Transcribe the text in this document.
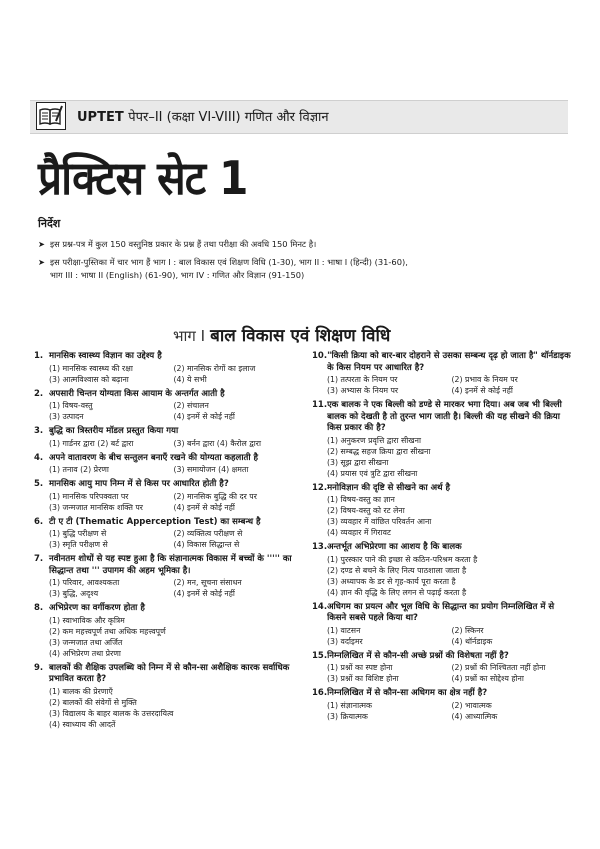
UPTET पेपर–II (कक्षा VI-VIII) गणित और विज्ञान
प्रैक्टिस सेट 1
निर्देश
➤ इस प्रश्न-पत्र में कुल 150 वस्तुनिष्ठ प्रकार के प्रश्न हैं तथा परीक्षा की अवधि 150 मिनट है।
➤ इस परीक्षा-पुस्तिका में चार भाग हैं भाग I : बाल विकास एवं शिक्षण विधि (1-30), भाग II : भाषा I (हिन्दी) (31-60),
भाग III : भाषा II (English) (61-90), भाग IV : गणित और विज्ञान (91-150)
भाग I बाल विकास एवं शिक्षण विधि
1. मानसिक स्वास्थ्य विज्ञान का उद्देश्य है
(1) मानसिक स्वास्थ्य की रक्षा	(2) मानसिक रोगों का इलाज
(3) आत्मविश्वास को बढ़ाना	(4) ये सभी
2. अपसारी चिन्तन योग्यता किस आयाम के अन्तर्गत आती है
(1) विषय-वस्तु	(2) संचालन
(3) उत्पादन	(4) इनमें से कोई नहीं
3. बुद्धि का त्रिस्तरीय मॉडल प्रस्तुत किया गया
(1) गार्डनर द्वारा (2) बर्ट द्वारा	(3) बर्नन द्वारा (4) कैरोल द्वारा
4. अपने वातावरण के बीच सन्तुलन बनाएँ रखने की योग्यता कहलाती है
(1) तनाव (2) प्रेरणा	(3) समायोजन (4) क्षमता
5. मानसिक आयु माप निम्न में से किस पर आधारित होती है?
(1) मानसिक परिपक्वता पर	(2) मानसिक बुद्धि की दर पर
(3) जन्मजात मानसिक शक्ति पर	(4) इनमें से कोई नहीं
6. टी ए टी (Thematic Apperception Test) का सम्बन्ध है
(1) बुद्धि परीक्षण से	(2) व्यक्तित्व परीक्षण से
(3) स्मृति परीक्षण से	(4) विकास सिद्धान्त से
7. नवीनतम शोधों से यह स्पष्ट हुआ है कि संज्ञानात्मक विकास में बच्चों के ''''' का सिद्धान्त तथा ''' उपागम की अहम भूमिका है।
(1) परिवार, आवश्यकता	(2) मन, सूचना संसाधन
(3) बुद्धि, अदृश्य	(4) इनमें से कोई नहीं
8. अभिप्रेरण का वर्गीकरण होता है
(1) स्वाभाविक और कृत्रिम
(2) कम महत्त्वपूर्ण तथा अधिक महत्त्वपूर्ण
(3) जन्मजात तथा अर्जित
(4) अभिप्रेरण तथा प्रेरणा
9. बालकों की शैक्षिक उपलब्धि को निम्न में से कौन-सा अशैक्षिक कारक सर्वाधिक प्रभावित करता है?
(1) बालक की प्रेरणाएँ
(2) बालकों की संवेगों से मुक्ति
(3) विद्यालय के बाहर बालक के उत्तरदायित्व
(4) स्वाध्याय की आदतें
10. "किसी क्रिया को बार-बार दोहराने से उसका सम्बन्ध दृढ़ हो जाता है" थॉर्नडाइक के किस नियम पर आधारित है?
(1) तत्परता के नियम पर	(2) प्रभाव के नियम पर
(3) अभ्यास के नियम पर	(4) इनमें से कोई नहीं
11. एक बालक ने एक बिल्ली को डण्डे से मारकर भगा दिया। अब जब भी बिल्ली बालक को देखती है तो तुरन्त भाग जाती है। बिल्ली की यह सीखने की क्रिया किस प्रकार की है?
(1) अनुकरण प्रवृत्ति द्वारा सीखना
(2) सम्बद्ध सहज क्रिया द्वारा सीखना
(3) सूझ द्वारा सीखना
(4) प्रयास एवं त्रुटि द्वारा सीखना
12. मनोविज्ञान की दृष्टि से सीखने का अर्थ है
(1) विषय-वस्तु का ज्ञान
(2) विषय-वस्तु को रट लेना
(3) व्यवहार में वांछित परिवर्तन आना
(4) व्यवहार में गिरावट
13. अन्तर्भूत अभिप्रेरणा का आशय है कि बालक
(1) पुरस्कार पाने की इच्छा से कठिन-परिश्रम करता है
(2) दण्ड से बचने के लिए नित्य पाठशाला जाता है
(3) अध्यापक के डर से गृह-कार्य पूरा करता है
(4) ज्ञान की वृद्धि के लिए लगन से पढ़ाई करता है
14. अधिगम का प्रयत्न और भूल विधि के सिद्धान्त का प्रयोग निम्नलिखित में से किसने सबसे पहले किया था?
(1) वाटसन	(2) स्किनर
(3) वर्दाइमर	(4) थॉर्नडाइक
15. निम्नलिखित में से कौन-सी अच्छे प्रश्नों की विशेषता नहीं है?
(1) प्रश्नों का स्पष्ट होना	(2) प्रश्नों की निश्चितता नहीं होना
(3) प्रश्नों का विशिष्ट होना	(4) प्रश्नों का सोद्देश्य होना
16. निम्नलिखित में से कौन-सा अधिगम का क्षेत्र नहीं है?
(1) संज्ञानात्मक	(2) भावात्मक
(3) क्रियात्मक	(4) आध्यात्मिक
